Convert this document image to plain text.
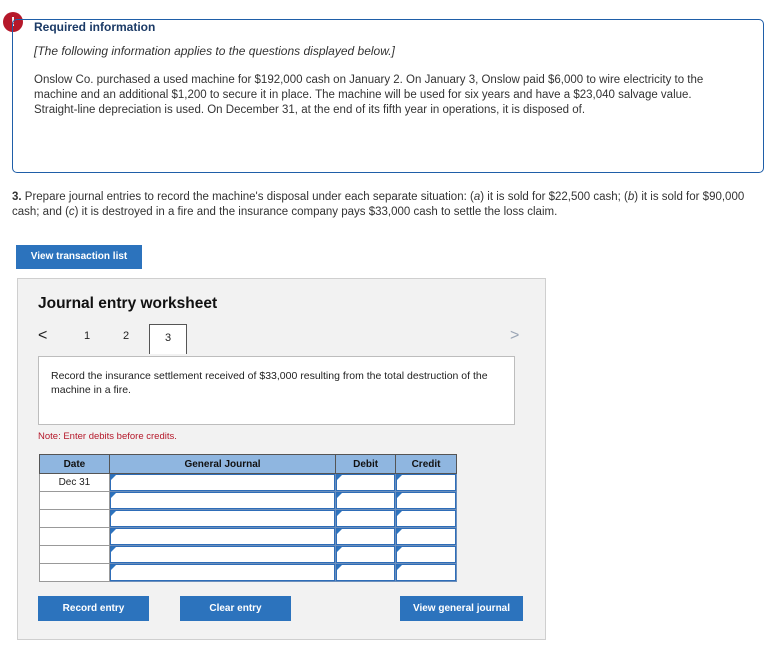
!	Required information
[The following information applies to the questions displayed below.]
Onslow Co. purchased a used machine for $192,000 cash on January 2. On January 3, Onslow paid $6,000 to wire electricity to the machine and an additional $1,200 to secure it in place. The machine will be used for six years and have a $23,040 salvage value. Straight-line depreciation is used. On December 31, at the end of its fifth year in operations, it is disposed of.
3. Prepare journal entries to record the machine's disposal under each separate situation: (a) it is sold for $22,500 cash; (b) it is sold for $90,000 cash; and (c) it is destroyed in a fire and the insurance company pays $33,000 cash to settle the loss claim.
View transaction list
Journal entry worksheet
<	1	2	3	>
Record the insurance settlement received of $33,000 resulting from the total destruction of the machine in a fire.
Note: Enter debits before credits.
Date	General Journal	Debit	Credit
Dec 31	

Record entry	Clear entry	View general journal
